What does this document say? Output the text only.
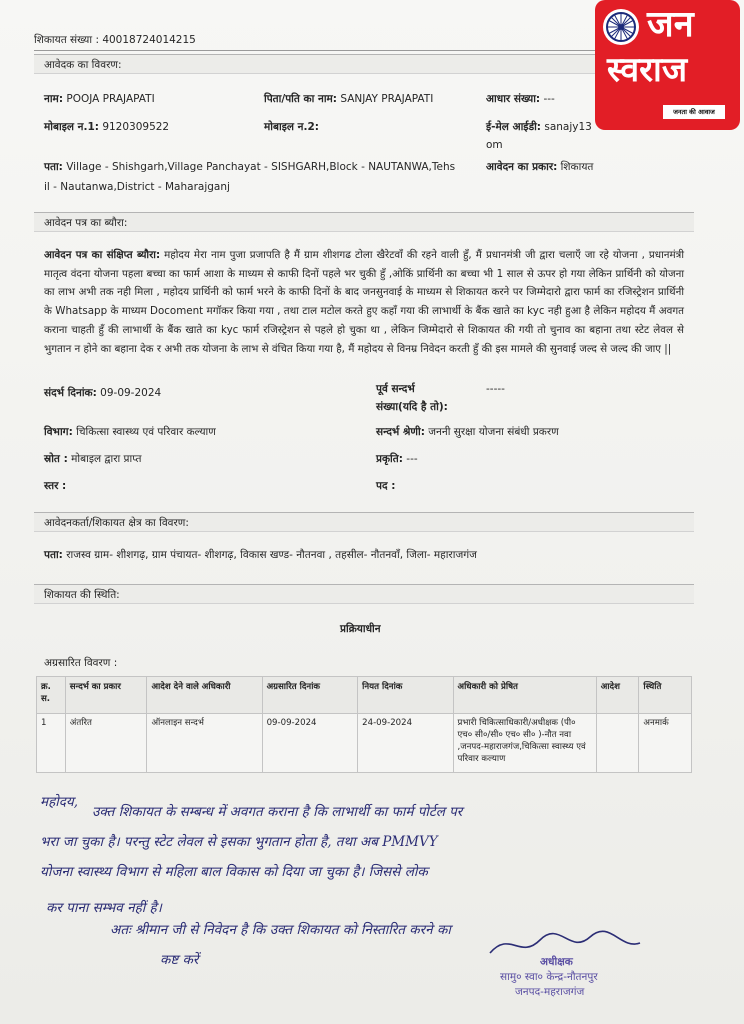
शिकायत संख्या : 40018724014215
आवेदक का विवरण:
नाम: POOJA PRAJAPATI	पिता/पति का नाम: SANJAY PRAJAPATI	आधार संख्या: ---
मोबाइल न.1: 9120309522	मोबाइल न.2:	ई-मेल आईडी: sanajy13
om
पता: Village - Shishgarh,Village Panchayat - SISHGARH,Block - NAUTANWA,Tehs
il - Nautanwa,District - Maharajganj
आवेदन का प्रकार: शिकायत
आवेदन पत्र का ब्यौरा:
आवेदन पत्र का संक्षिप्त ब्यौरा: महोदय मेरा नाम पुजा प्रजापति है मैं ग्राम शीशगढ टोला खैरेटवॉं की रहने वाली हुँ, मैं प्रधानमंत्री जी द्वारा चलाएँ जा रहे योजना , प्रधानमंत्री मातृत्व वंदना योजना पहला बच्चा का फार्म आशा के माध्यम से काफी दिनों पहले भर चुकी हुँ ,ओकिं प्रार्थिनी का बच्चा भी 1 साल से ऊपर हो गया लेकिन प्रार्थिनी को योजना का लाभ अभी तक नही मिला , महोदय प्रार्थिनी को फार्म भरने के काफी दिनों के बाद जनसुनवाई के माध्यम से शिकायत करने पर जिम्मेदारो द्वारा फार्म का रजिस्ट्रेशन प्रार्थिनी के Whatsapp के माध्यम Docoment मगॉकर किया गया , तथा टाल मटोल करते हुए कहाँ गया की लाभार्थी के बैंक खाते का kyc नही हुआ है लेकिन महोदय मैं अवगत कराना चाहती हुँ की लाभार्थी के बैंक खाते का kyc फार्म रजिस्ट्रेशन से पहले हो चुका था , लेकिन जिम्मेदारो से शिकायत की गयी तो चुनाव का बहाना तथा स्टेट लेवल से भुगतान न होने का बहाना देक र अभी तक योजना के लाभ से वंचित किया गया है, मैं महोदय से विनम्र निवेदन करती हुँ की इस मामले की सुनवाई जल्द से जल्द की जाए ||
संदर्भ दिनांक: 09-09-2024	पूर्व सन्दर्भ
संख्या(यदि है तो):
-----
विभाग: चिकित्सा स्वास्थ्य एवं परिवार कल्याण	सन्दर्भ श्रेणी: जननी सुरक्षा योजना संबंधी प्रकरण
स्रोत : मोबाइल द्वारा प्राप्त	प्रकृति: ---
स्तर :	पद :
आवेदनकर्ता/शिकायत क्षेत्र का विवरण:
पता: राजस्व ग्राम- शीशगढ़, ग्राम पंचायत- शीशगढ़, विकास खण्ड- नौतनवा , तहसील- नौतनवॉं, जिला- महाराजगंज
शिकायत की स्थिति:
प्रक्रियाधीन
अग्रसारित विवरण :
क्र. स.	सन्दर्भ का प्रकार	आदेश देने वाले अधिकारी	अग्रसारित दिनांक	नियत दिनांक	अधिकारी को प्रेषित	आदेश	स्थिति
1	अंतरित	ऑनलाइन सन्दर्भ	09-09-2024	24-09-2024	प्रभारी चिकित्साधिकारी/अधीक्षक (पी० एच० सी०/सी० एच० सी० )-नौत नवा ,जनपद-महाराजगंज,चिकित्सा स्वास्थ्य एवं परिवार कल्याण		अनमार्क
महोदय,
उक्त शिकायत के सम्बन्ध में अवगत कराना है कि लाभार्थी का फार्म पोर्टल पर
भरा जा चुका है। परन्तु स्टेट लेवल से इसका भुगतान होता है, तथा अब PMMVY
योजना स्वास्थ्य विभाग से महिला बाल विकास को दिया जा चुका है। जिससे लोक
कर पाना सम्भव नहीं है।
अतः श्रीमान जी से निवेदन है कि उक्त शिकायत को निस्तारित करने का
कष्ट करें	अधीक्षक
सामु० स्वा० केन्द्र-नौतनपुर
जनपद-महराजगंज
जन
स्वराज
जनता की आवाज
